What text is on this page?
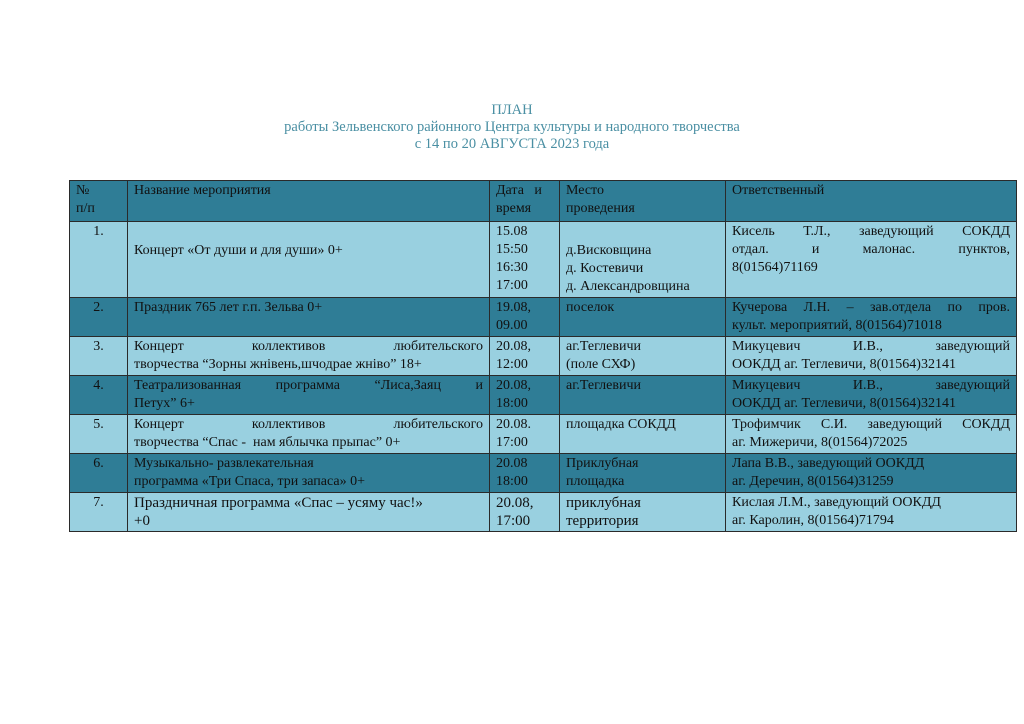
ПЛАН
работы Зельвенского районного Центра культуры и народного творчества
с 14 по 20 АВГУСТА 2023 года
№
п/п	Название мероприятия	Дата   и
время	Место
проведения	Ответственный
1.	Концерт «От души и для души» 0+	15.08
15:50
16:30
17:00	д.Висковщина
д. Костевичи
д. Александровщина	Кисель Т.Л., заведующий СОКДД
отдал. и малонас. пунктов,
8(01564)71169

2.	Праздник 765 лет г.п. Зельва 0+	19.08,
09.00	поселок	Кучерова Л.Н. – зав.отдела по пров.
культ. мероприятий, 8(01564)71018

3.	Концерт коллективов любительского
творчества “Зорны жнiвень,шчодрае жнiво” 18+	20.08,
12:00	аг.Теглевичи
(поле СХФ)	Микуцевич И.В., заведующий
ООКДД аг. Теглевичи, 8(01564)32141

4.	Театрализованная программа “Лиса,Заяц и
Петух” 6+	20.08,
18:00	аг.Теглевичи	Микуцевич И.В., заведующий
ООКДД аг. Теглевичи, 8(01564)32141

5.	Концерт коллективов любительского
творчества “Спас -  нам яблычка прыпас” 0+	20.08.
17:00	площадка СОКДД	Трофимчик С.И. заведующий СОКДД
аг. Мижеричи, 8(01564)72025

6.	Музыкально- развлекательная
программа «Три Спаса, три запаса» 0+	20.08
18:00	Приклубная
площадка	Лапа В.В., заведующий ООКДД
аг. Деречин, 8(01564)31259

7.	Праздничная программа «Спас – усяму час!»
+0	20.08,
17:00	приклубная
территория	Кислая Л.М., заведующий ООКДД
аг. Каролин, 8(01564)71794
